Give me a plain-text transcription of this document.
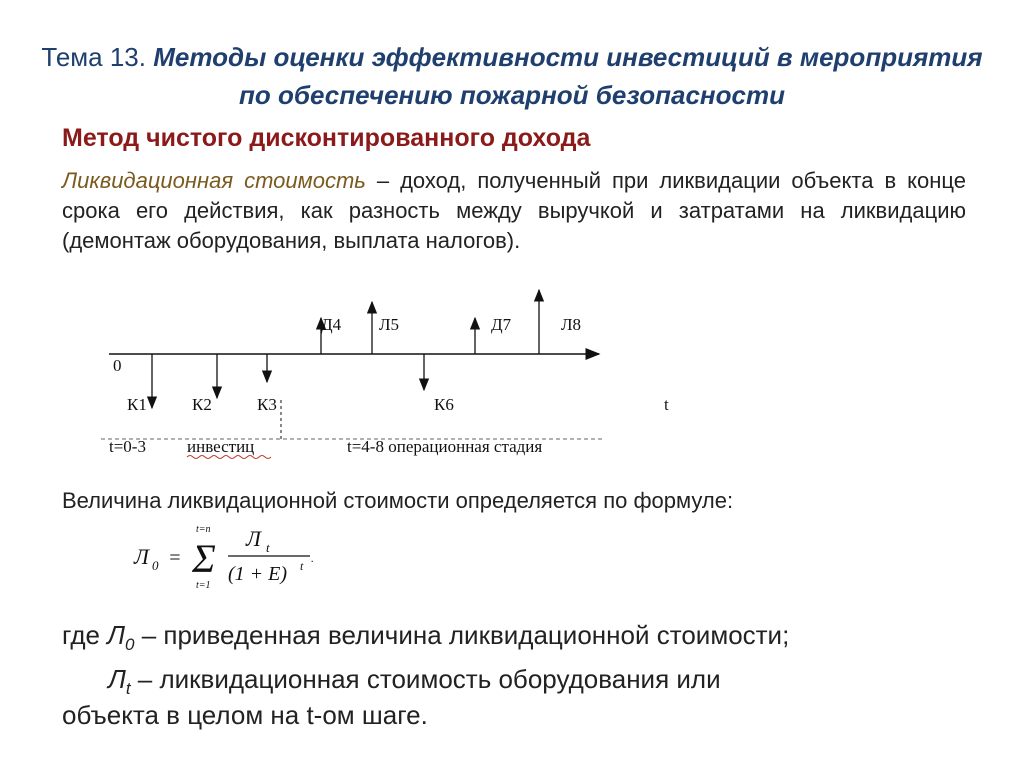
Тема 13. Методы оценки эффективности инвестиций в мероприятия по обеспечению пожарной безопасности
Метод чистого дисконтированного дохода
Ликвидационная стоимость – доход, полученный при ликвидации объекта в конце срока его действия, как разность между выручкой и затратами на ликвидацию (демонтаж оборудования, выплата налогов).
0
Д4 Л5	Д7	Л8
К1	К2	К3	К6
t=0-3 инвестиц	t=4-8 операционная стадия
t
Величина ликвидационной стоимости определяется по формуле:
Л 0 = Σ
t=n
t=1
Л t
(1 + E) t
.
где $Л_0$ – приведенная величина ликвидационной стоимости;
$Л_t$ – ликвидационная стоимость оборудования или
объекта в целом на t-ом шаге.
